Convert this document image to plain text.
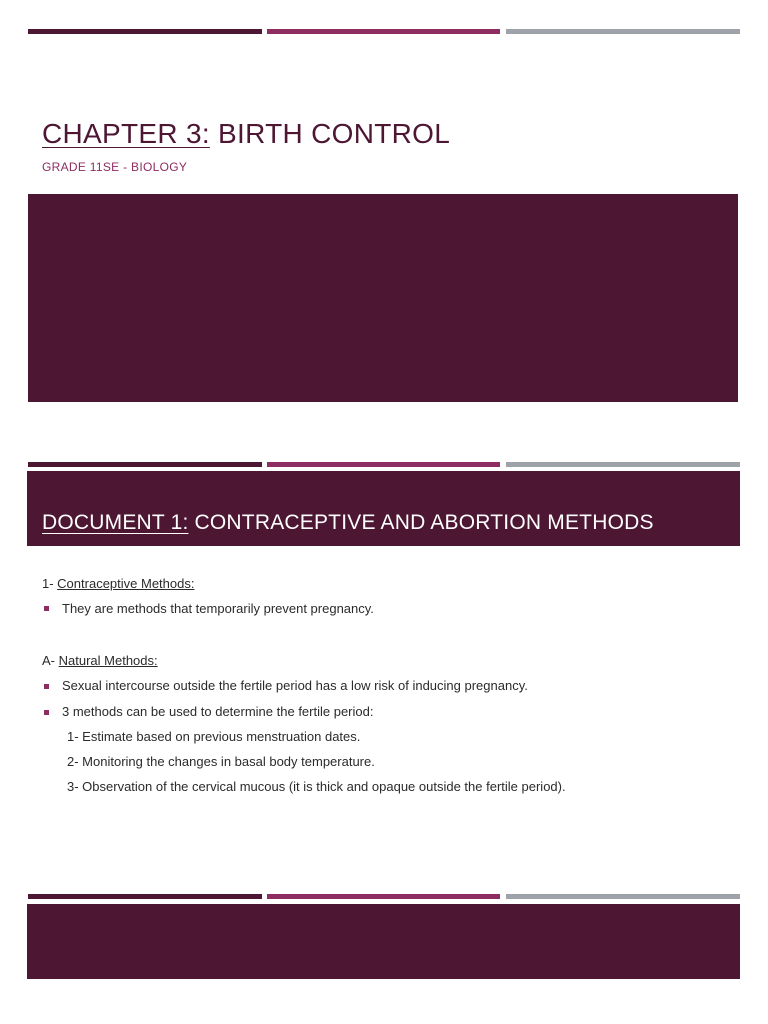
CHAPTER 3: BIRTH CONTROL
GRADE 11SE - BIOLOGY
DOCUMENT 1: CONTRACEPTIVE AND ABORTION METHODS
1- Contraceptive Methods:
They are methods that temporarily prevent pregnancy.
A- Natural Methods:
Sexual intercourse outside the fertile period has a low risk of inducing pregnancy.
3 methods can be used to determine the fertile period:
1- Estimate based on previous menstruation dates.
2- Monitoring the changes in basal body temperature.
3- Observation of the cervical mucous (it is thick and opaque outside the fertile period).
